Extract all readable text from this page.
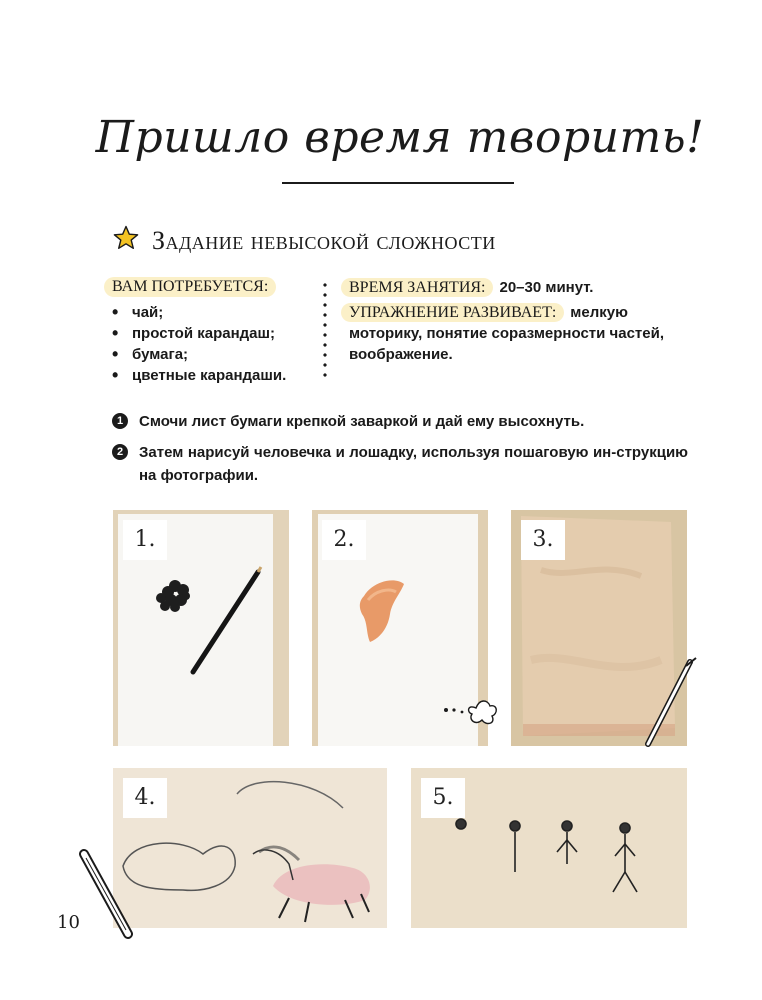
Пришло время творить!
Задание невысокой сложности
ВАМ ПОТРЕБУЕТСЯ:
• чай;
• простой карандаш;
• бумага;
• цветные карандаши.
ВРЕМЯ ЗАНЯТИЯ: 20–30 минут.
УПРАЖНЕНИЕ РАЗВИВАЕТ: мелкую
моторику, понятие соразмерности частей,
воображение.
1	Смочи лист бумаги крепкой заваркой и дай ему высохнуть.
2	Затем нарисуй человечка и лошадку, используя пошаговую ин-струкцию на фотографии.
1.	2.	3.
4.	5.
10
